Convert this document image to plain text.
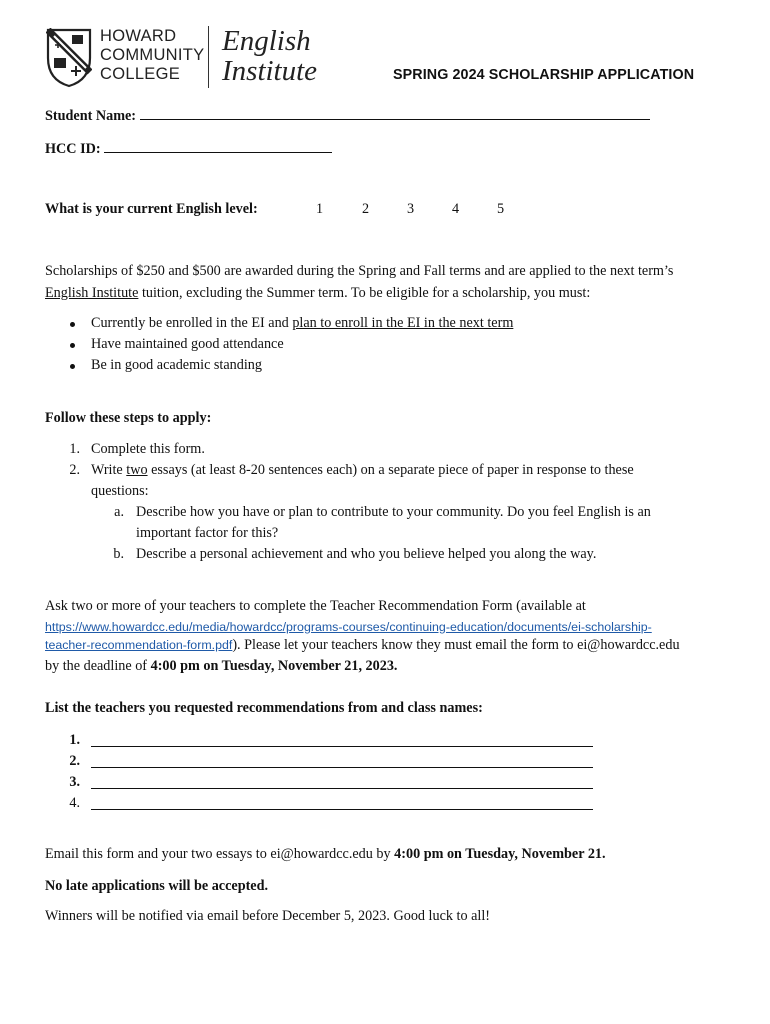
HOWARD
COMMUNITY
COLLEGE
English
Institute	SPRING 2024 SCHOLARSHIP APPLICATION
Student Name:
HCC ID:
What is your current English level:	1	2	3	4	5
Scholarships of $250 and $500 are awarded during the Spring and Fall terms and are applied to the next term’s
English Institute tuition, excluding the Summer term. To be eligible for a scholarship, you must:
Currently be enrolled in the EI and plan to enroll in the EI in the next term
Have maintained good attendance
Be in good academic standing
Follow these steps to apply:
1. Complete this form.
2. Write two essays (at least 8-20 sentences each) on a separate piece of paper in response to these
questions:
a. Describe how you have or plan to contribute to your community. Do you feel English is an
important factor for this?
b. Describe a personal achievement and who you believe helped you along the way.
Ask two or more of your teachers to complete the Teacher Recommendation Form (available at
https://www.howardcc.edu/media/howardcc/programs-courses/continuing-education/documents/ei-scholarship-
teacher-recommendation-form.pdf). Please let your teachers know they must email the form to ei@howardcc.edu
by the deadline of 4:00 pm on Tuesday, November 21, 2023.
List the teachers you requested recommendations from and class names:
1.
2.
3.
4.
Email this form and your two essays to ei@howardcc.edu by 4:00 pm on Tuesday, November 21.
No late applications will be accepted.
Winners will be notified via email before December 5, 2023. Good luck to all!
